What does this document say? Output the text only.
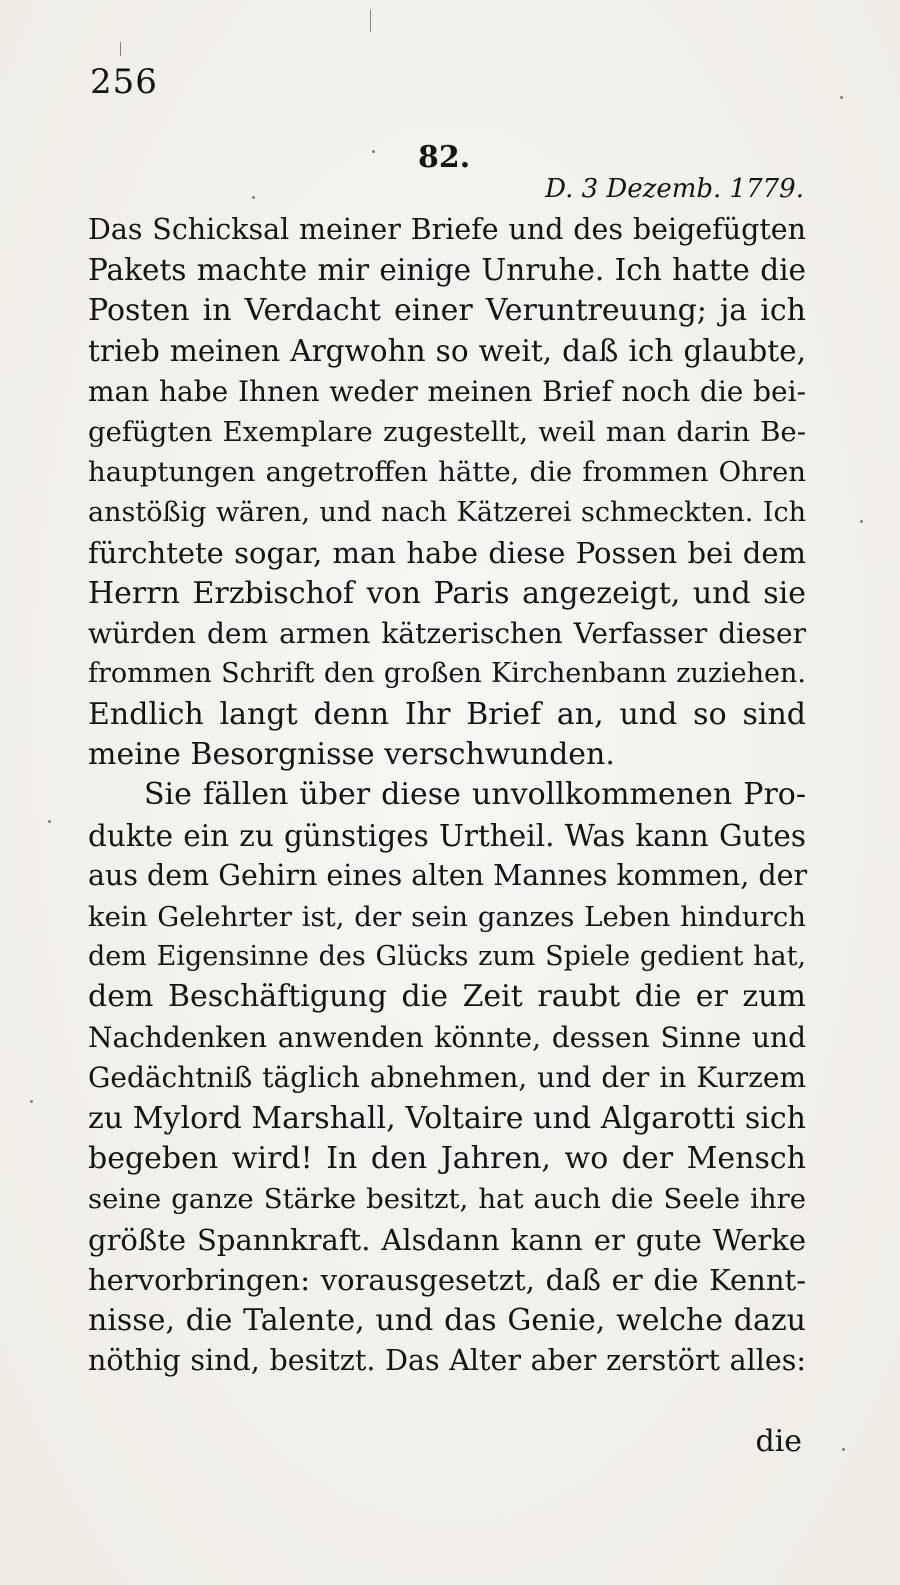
256
82.
D. 3 Dezemb. 1779.
Das Schicksal meiner Briefe und des beigefügten
Pakets machte mir einige Unruhe. Ich hatte die
Posten in Verdacht einer Veruntreuung; ja ich
trieb meinen Argwohn so weit, daß ich glaubte,
man habe Ihnen weder meinen Brief noch die bei-
gefügten Exemplare zugestellt, weil man darin Be-
hauptungen angetroffen hätte, die frommen Ohren
anstößig wären, und nach Kätzerei schmeckten. Ich
fürchtete sogar, man habe diese Possen bei dem
Herrn Erzbischof von Paris angezeigt, und sie
würden dem armen kätzerischen Verfasser dieser
frommen Schrift den großen Kirchenbann zuziehen.
Endlich langt denn Ihr Brief an, und so sind
meine Besorgnisse verschwunden.
Sie fällen über diese unvollkommenen Pro-
dukte ein zu günstiges Urtheil. Was kann Gutes
aus dem Gehirn eines alten Mannes kommen, der
kein Gelehrter ist, der sein ganzes Leben hindurch
dem Eigensinne des Glücks zum Spiele gedient hat,
dem Beschäftigung die Zeit raubt die er zum
Nachdenken anwenden könnte, dessen Sinne und
Gedächtniß täglich abnehmen, und der in Kurzem
zu Mylord Marshall, Voltaire und Algarotti sich
begeben wird! In den Jahren, wo der Mensch
seine ganze Stärke besitzt, hat auch die Seele ihre
größte Spannkraft. Alsdann kann er gute Werke
hervorbringen: vorausgesetzt, daß er die Kennt-
nisse, die Talente, und das Genie, welche dazu
nöthig sind, besitzt. Das Alter aber zerstört alles:
die
